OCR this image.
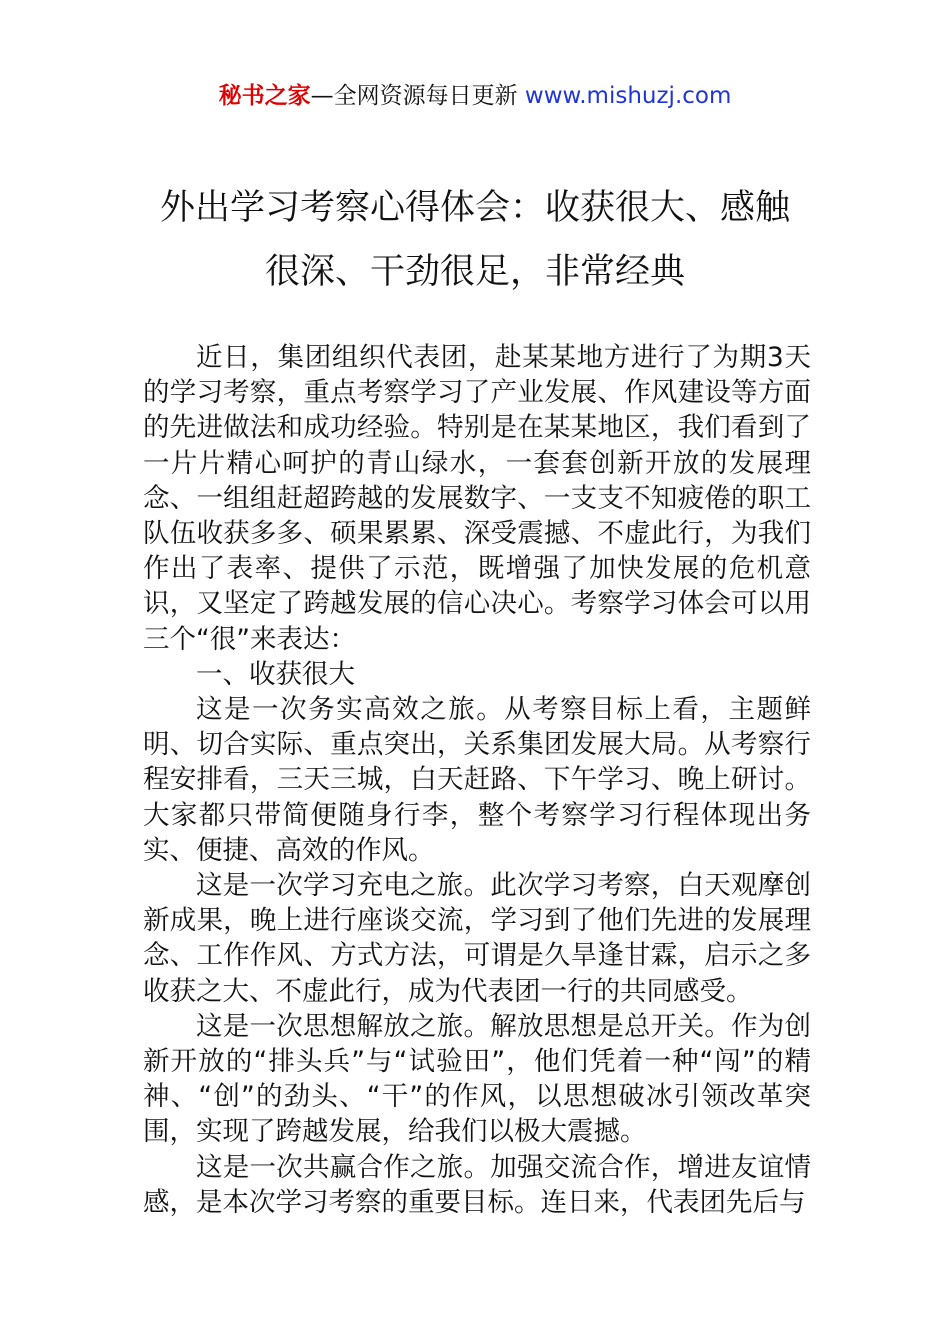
秘书之家—全网资源每日更新 www.mishuzj.com
外出学习考察心得体会：收获很大、感触
很深、干劲很足，非常经典

近日，集团组织代表团，赴某某地方进行了为期3天的学习考察，重点考察学习了产业发展、作风建设等方面的先进做法和成功经验。特别是在某某地区，我们看到了一片片精心呵护的青山绿水，一套套创新开放的发展理念、一组组赶超跨越的发展数字、一支支不知疲倦的职工队伍收获多多、硕果累累、深受震撼、不虚此行，为我们作出了表率、提供了示范，既增强了加快发展的危机意识，又坚定了跨越发展的信心决心。考察学习体会可以用三个“很”来表达：

一、收获很大

这是一次务实高效之旅。从考察目标上看，主题鲜明、切合实际、重点突出，关系集团发展大局。从考察行程安排看，三天三城，白天赶路、下午学习、晚上研讨。大家都只带简便随身行李，整个考察学习行程体现出务实、便捷、高效的作风。

这是一次学习充电之旅。此次学习考察，白天观摩创新成果，晚上进行座谈交流，学习到了他们先进的发展理念、工作作风、方式方法，可谓是久旱逢甘霖，启示之多收获之大、不虚此行，成为代表团一行的共同感受。

这是一次思想解放之旅。解放思想是总开关。作为创新开放的“排头兵”与“试验田”，他们凭着一种“闯”的精神、“创”的劲头、“干”的作风，以思想破冰引领改革突围，实现了跨越发展，给我们以极大震撼。

这是一次共赢合作之旅。加强交流合作，增进友谊情感，是本次学习考察的重要目标。连日来，代表团先后与
